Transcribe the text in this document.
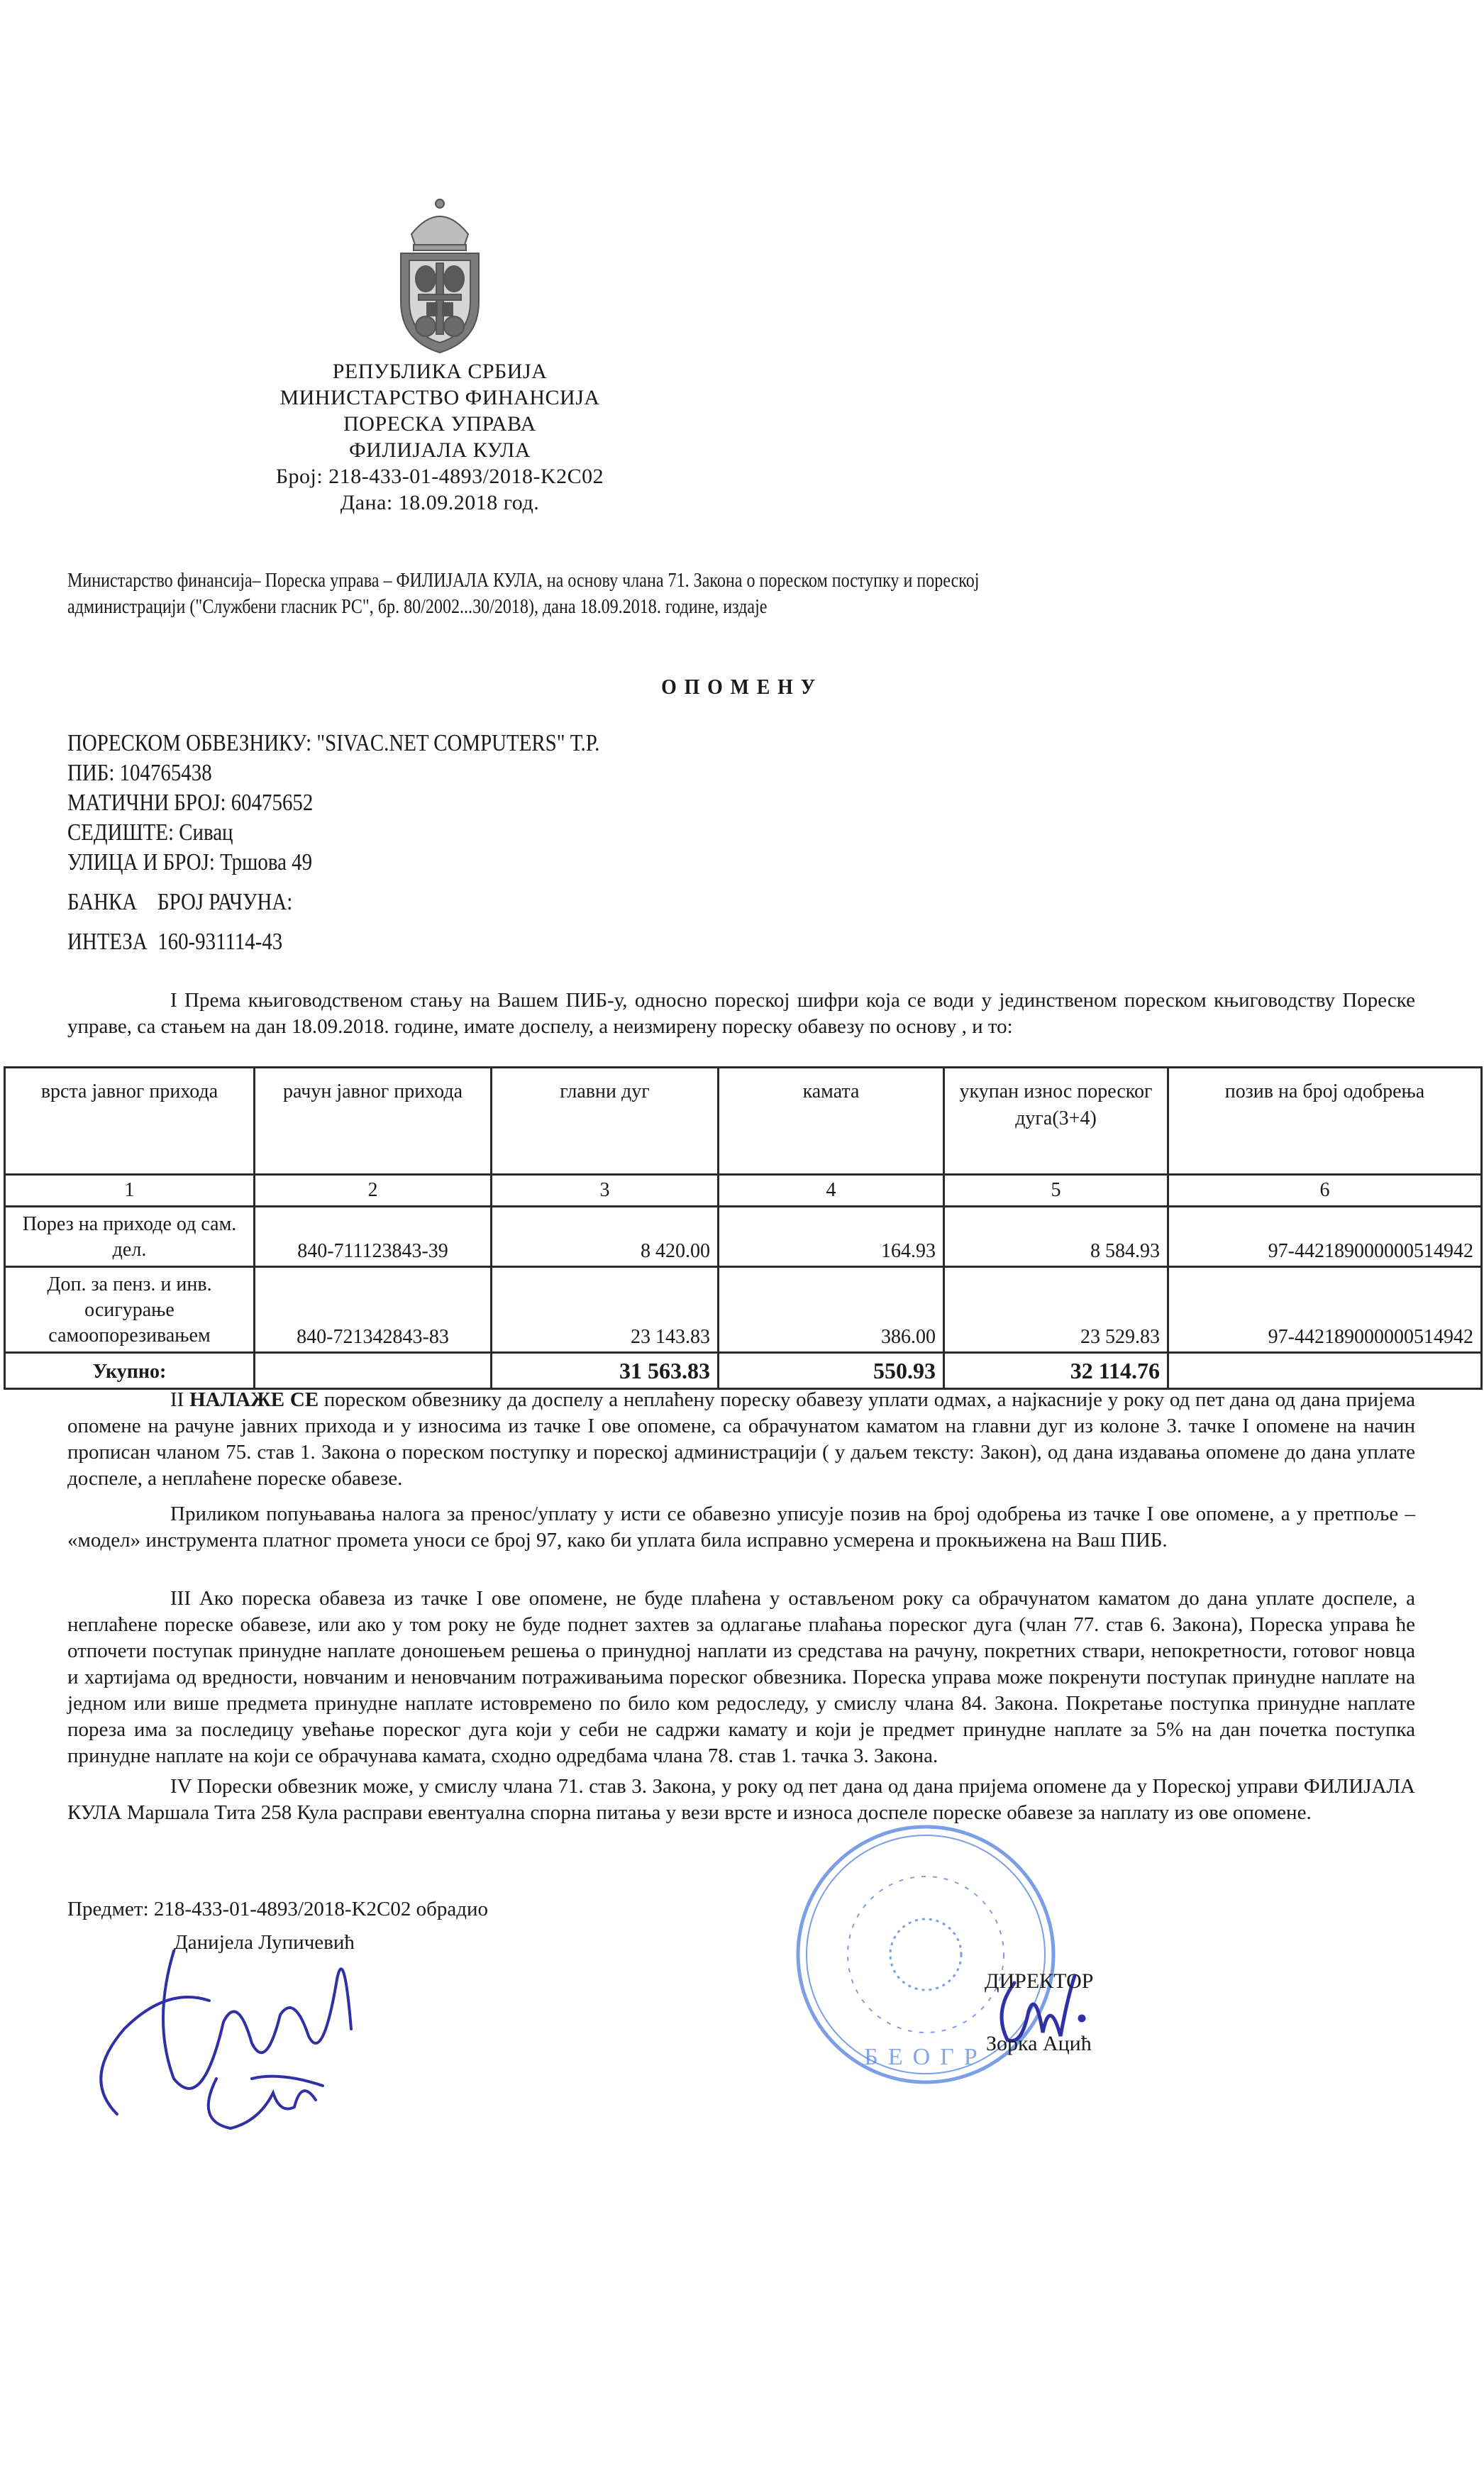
РЕПУБЛИКА СРБИЈА
МИНИСТАРСТВО ФИНАНСИЈА
ПОРЕСКА УПРАВА
ФИЛИЈАЛА КУЛА
Број: 218-433-01-4893/2018-K2C02
Дана: 18.09.2018 год.
Министарство финансија– Пореска управа – ФИЛИЈАЛА КУЛА, на основу члана 71. Закона о пореском поступку и пореској
администрацији ("Службени гласник РС", бр. 80/2002...30/2018), дана 18.09.2018. године, издаје
ОПОМЕНУ
ПОРЕСКОМ ОБВЕЗНИКУ: "SIVAC.NET COMPUTERS" Т.Р.
ПИБ: 104765438
МАТИЧНИ БРОЈ: 60475652
СЕДИШТЕ: Сивац
УЛИЦА И БРОЈ: Тршова 49
БАНКА    БРОЈ РАЧУНА:
ИНТЕЗА  160-931114-43
I Према књиговодственом стању на Вашем ПИБ-у, односно пореској шифри која се води у јединственом пореском књиговодству Пореске управе, са стањем на дан 18.09.2018. године, имате доспелу, а неизмирену пореску обавезу по основу , и то:
врста јавног прихода	рачун јавног прихода	главни дуг	камата	укупан износ пореског дуга(3+4)	позив на број одобрења
1	2	3	4	5	6
Порез на приходе од сам. дел.	840-711123843-39	8 420.00	164.93	8 584.93	97-442189000000514942
Доп. за пенз. и инв. осигурање самоопорезивањем	840-721342843-83	23 143.83	386.00	23 529.83	97-442189000000514942
Укупно:		31 563.83	550.93	32 114.76	
II НАЛАЖЕ СЕ пореском обвезнику да доспелу а неплаћену пореску обавезу уплати одмах, а најкасније у року од пет дана од дана пријема опомене на рачуне јавних прихода и у износима из тачке I ове опомене, са обрачунатом каматом на главни дуг из колоне 3. тачке I опомене на начин прописан чланом 75. став 1. Закона о пореском поступку и пореској администрацији ( у даљем тексту: Закон), од дана издавања опомене до дана уплате доспеле, а неплаћене пореске обавезе.
Приликом попуњавања налога за пренос/уплату у исти се обавезно уписује позив на број одобрења из тачке I ове опомене, а у претпоље – «модел» инструмента платног промета уноси се број 97, како би уплата била исправно усмерена и прокњижена на Ваш ПИБ.
III Ако пореска обавеза из тачке I ове опомене, не буде плаћена у остављеном року са обрачунатом каматом до дана уплате доспеле, а неплаћене пореске обавезе, или ако у том року не буде поднет захтев за одлагање плаћања пореског дуга (члан 77. став 6. Закона), Пореска управа ће отпочети поступак принудне наплате доношењем решења о принудној наплати из средстава на рачуну, покретних ствари, непокретности, готовог новца и хартијама од вредности, новчаним и неновчаним потраживањима пореског обвезника. Пореска управа може покренути поступак принудне наплате на једном или више предмета принудне наплате истовремено по било ком редоследу, у смислу члана 84. Закона. Покретање поступка принудне наплате пореза има за последицу увећање пореског дуга који у себи не садржи камату и који је предмет принудне наплате за 5% на дан почетка поступка принудне наплате на који се обрачунава камата, сходно одредбама члана 78. став 1. тачка 3. Закона.
IV Порески обвезник може, у смислу члана 71. став 3. Закона, у року од пет дана од дана пријема опомене да у Пореској управи ФИЛИЈАЛА КУЛА Маршала Тита 258 Кула расправи евентуална спорна питања у вези врсте и износа доспеле пореске обавезе за наплату из ове опомене.
Предмет: 218-433-01-4893/2018-K2C02 обрадио
Данијела Лупичевић
БЕОГР
ДИРЕКТОР
Зорка Ацић
